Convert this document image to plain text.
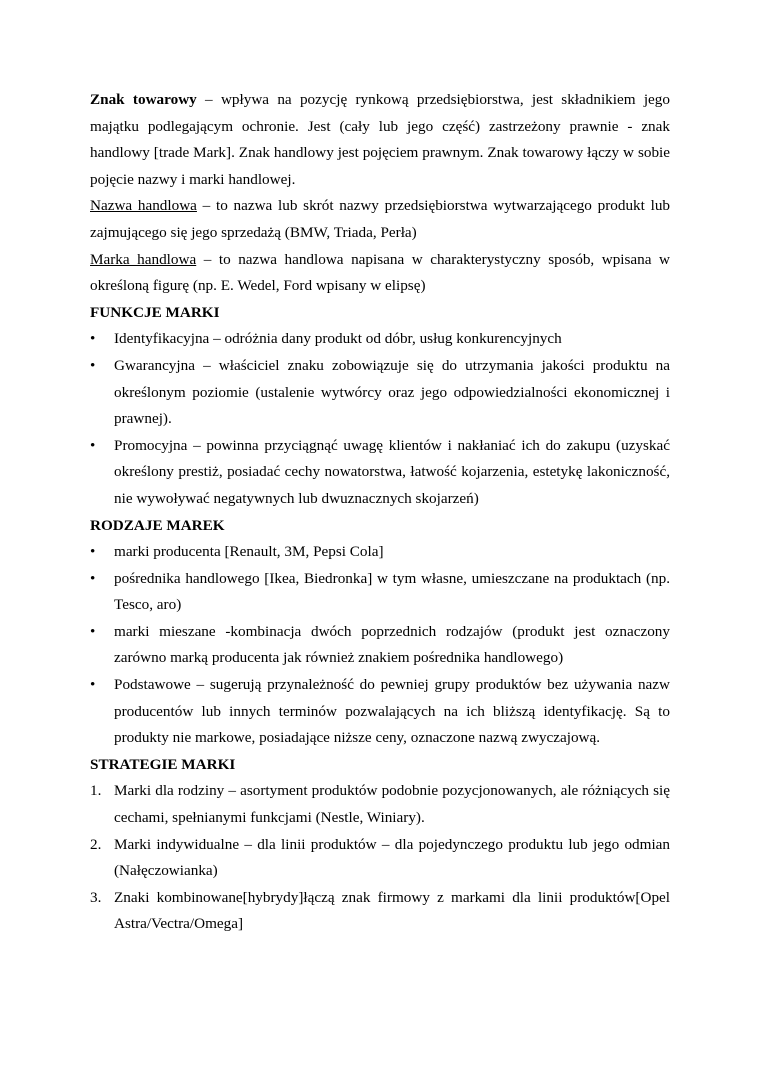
Znak towarowy – wpływa na pozycję rynkową przedsiębiorstwa, jest składnikiem jego majątku podlegającym ochronie. Jest (cały lub jego część) zastrzeżony prawnie - znak handlowy [trade Mark]. Znak handlowy jest pojęciem prawnym. Znak towarowy łączy w sobie pojęcie nazwy i marki handlowej.

Nazwa handlowa – to nazwa lub skrót nazwy przedsiębiorstwa wytwarzającego produkt lub zajmującego się jego sprzedażą (BMW, Triada, Perła)

Marka handlowa – to nazwa handlowa napisana w charakterystyczny sposób, wpisana w określoną figurę (np. E. Wedel, Ford wpisany w elipsę)

FUNKCJE MARKI

•	Identyfikacyjna – odróżnia dany produkt od dóbr, usług konkurencyjnych
•	Gwarancyjna – właściciel znaku zobowiązuje się do utrzymania jakości produktu na określonym poziomie (ustalenie wytwórcy oraz jego odpowiedzialności ekonomicznej i prawnej).
•	Promocyjna – powinna przyciągnąć uwagę klientów i nakłaniać ich do zakupu (uzyskać określony prestiż, posiadać cechy nowatorstwa, łatwość kojarzenia, estetykę lakoniczność, nie wywoływać negatywnych lub dwuznacznych skojarzeń)

RODZAJE MAREK

•	marki producenta [Renault, 3M, Pepsi Cola]
•	pośrednika handlowego [Ikea, Biedronka] w tym własne, umieszczane na produktach (np. Tesco, aro)
•	marki mieszane -kombinacja dwóch poprzednich rodzajów (produkt jest oznaczony zarówno marką producenta jak również znakiem pośrednika handlowego)
•	Podstawowe – sugerują przynależność do pewniej grupy produktów bez używania nazw producentów lub innych terminów pozwalających na ich bliższą identyfikację. Są to produkty nie markowe, posiadające niższe ceny, oznaczone nazwą zwyczajową.

STRATEGIE MARKI

1. Marki dla rodziny – asortyment produktów podobnie pozycjonowanych, ale różniących się cechami, spełnianymi funkcjami (Nestle, Winiary).
2. Marki indywidualne – dla linii produktów – dla pojedynczego produktu lub jego odmian (Nałęczowianka)
3. Znaki kombinowane[hybrydy]łączą znak firmowy z markami dla linii produktów[Opel Astra/Vectra/Omega]
